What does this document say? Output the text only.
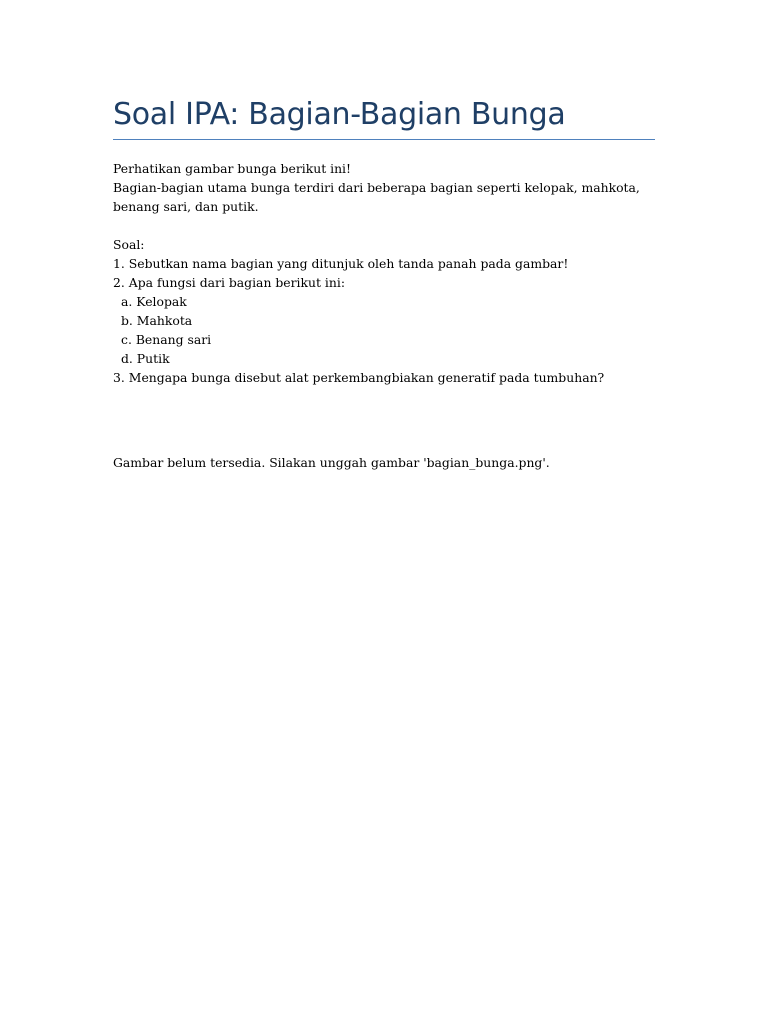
Soal IPA: Bagian-Bagian Bunga
Perhatikan gambar bunga berikut ini!
Bagian-bagian utama bunga terdiri dari beberapa bagian seperti kelopak, mahkota, benang sari, dan putik.
Soal:
1. Sebutkan nama bagian yang ditunjuk oleh tanda panah pada gambar!
2. Apa fungsi dari bagian berikut ini:
a. Kelopak
b. Mahkota
c. Benang sari
d. Putik
3. Mengapa bunga disebut alat perkembangbiakan generatif pada tumbuhan?
Gambar belum tersedia. Silakan unggah gambar 'bagian_bunga.png'.
